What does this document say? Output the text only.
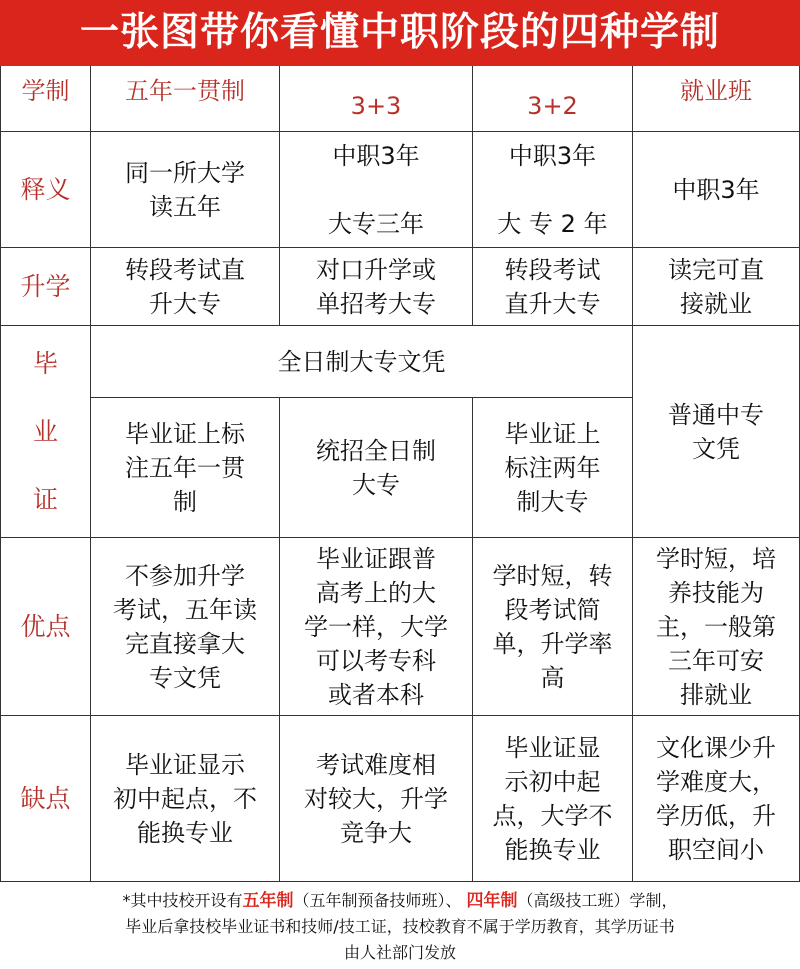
一张图带你看懂中职阶段的四种学制
学制	五年一贯制
3+3	3+2
就业班
释义
同一所大学
读五年
中职3年

大专三年
中职3年

大 专 2 年
中职3年
升学
转段考试直
升大专
对口升学或
单招考大专
转段考试
直升大专
读完可直
接就业
毕
业
证
全日制大专文凭
毕业证上标
注五年一贯
制
统招全日制
大专
毕业证上
标注两年
制大专
普通中专
文凭
优点
不参加升学
考试，五年读
完直接拿大
专文凭
毕业证跟普
高考上的大
学一样，大学
可以考专科
或者本科
学时短，转
段考试简
单，升学率
高
学时短，培
养技能为
主，一般第
三年可安
排就业
缺点
毕业证显示
初中起点，不
能换专业
考试难度相
对较大，升学
竞争大
毕业证显
示初中起
点，大学不
能换专业
文化课少升
学难度大，
学历低，升
职空间小
*其中技校开设有五年制（五年制预备技师班）、 四年制（高级技工班）学制，
毕业后拿技校毕业证书和技师/技工证，技校教育不属于学历教育，其学历证书
由人社部门发放
